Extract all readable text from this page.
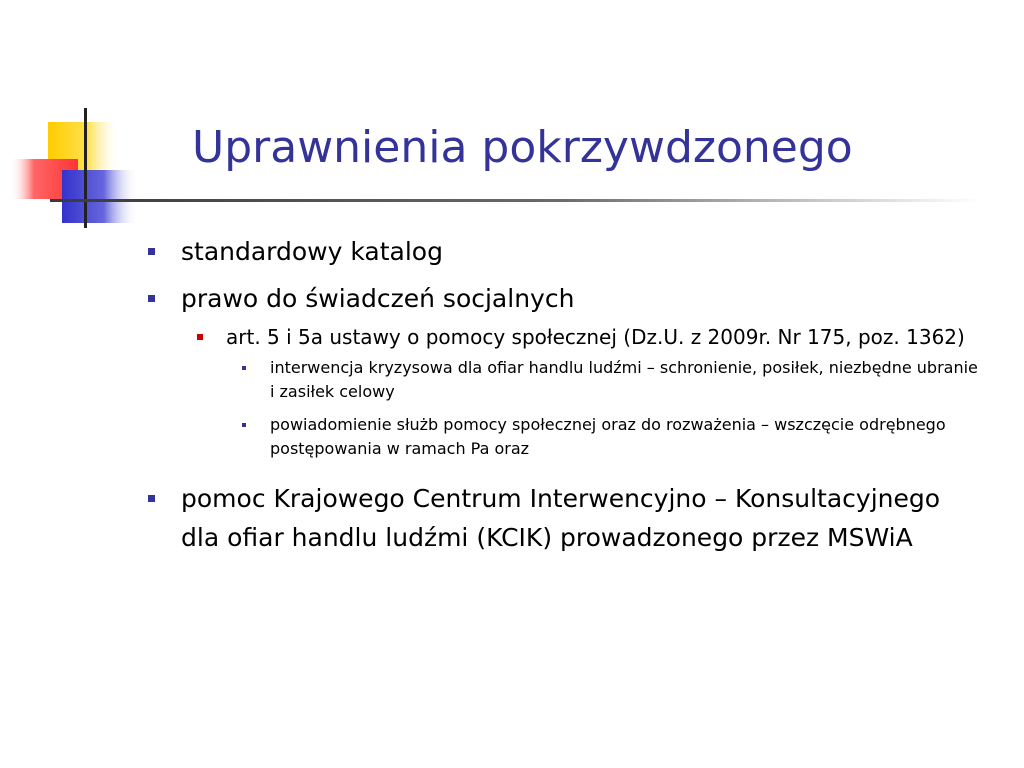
Uprawnienia pokrzywdzonego
standardowy katalog
prawo do świadczeń socjalnych
art. 5 i 5a ustawy o pomocy społecznej (Dz.U. z 2009r. Nr 175, poz. 1362)
interwencja kryzysowa dla ofiar handlu ludźmi – schronienie, posiłek, niezbędne ubranie i zasiłek celowy
powiadomienie służb pomocy społecznej oraz do rozważenia – wszczęcie odrębnego postępowania w ramach Pa oraz
pomoc Krajowego Centrum Interwencyjno – Konsultacyjnego dla ofiar handlu ludźmi (KCIK) prowadzonego przez MSWiA
